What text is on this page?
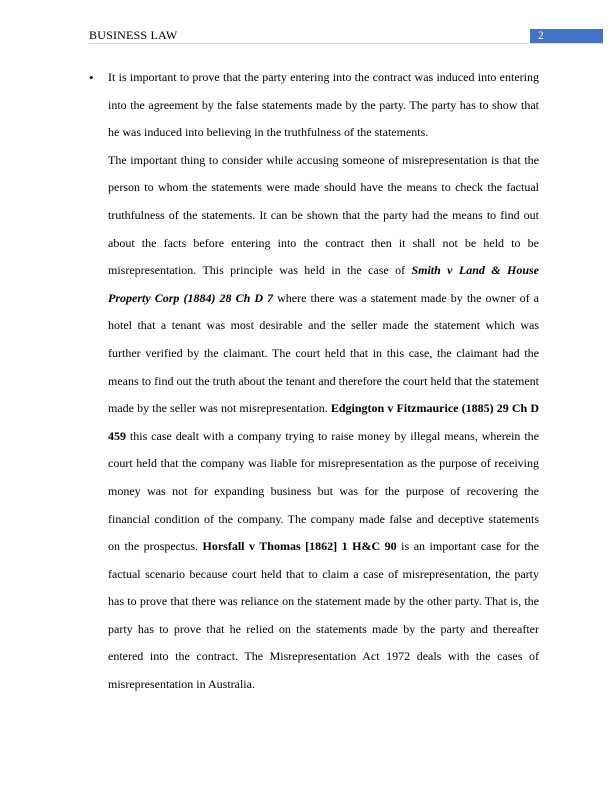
BUSINESS LAW	2

• It is important to prove that the party entering into the contract was induced into entering into the agreement by the false statements made by the party. The party has to show that he was induced into believing in the truthfulness of the statements.

The important thing to consider while accusing someone of misrepresentation is that the person to whom the statements were made should have the means to check the factual truthfulness of the statements. It can be shown that the party had the means to find out about the facts before entering into the contract then it shall not be held to be misrepresentation. This principle was held in the case of Smith v Land & House Property Corp (1884) 28 Ch D 7 where there was a statement made by the owner of a hotel that a tenant was most desirable and the seller made the statement which was further verified by the claimant. The court held that in this case, the claimant had the means to find out the truth about the tenant and therefore the court held that the statement made by the seller was not misrepresentation. Edgington v Fitzmaurice (1885) 29 Ch D 459 this case dealt with a company trying to raise money by illegal means, wherein the court held that the company was liable for misrepresentation as the purpose of receiving money was not for expanding business but was for the purpose of recovering the financial condition of the company. The company made false and deceptive statements on the prospectus. Horsfall v Thomas [1862] 1 H&C 90 is an important case for the factual scenario because court held that to claim a case of misrepresentation, the party has to prove that there was reliance on the statement made by the other party. That is, the party has to prove that he relied on the statements made by the party and thereafter entered into the contract. The Misrepresentation Act 1972 deals with the cases of misrepresentation in Australia.
